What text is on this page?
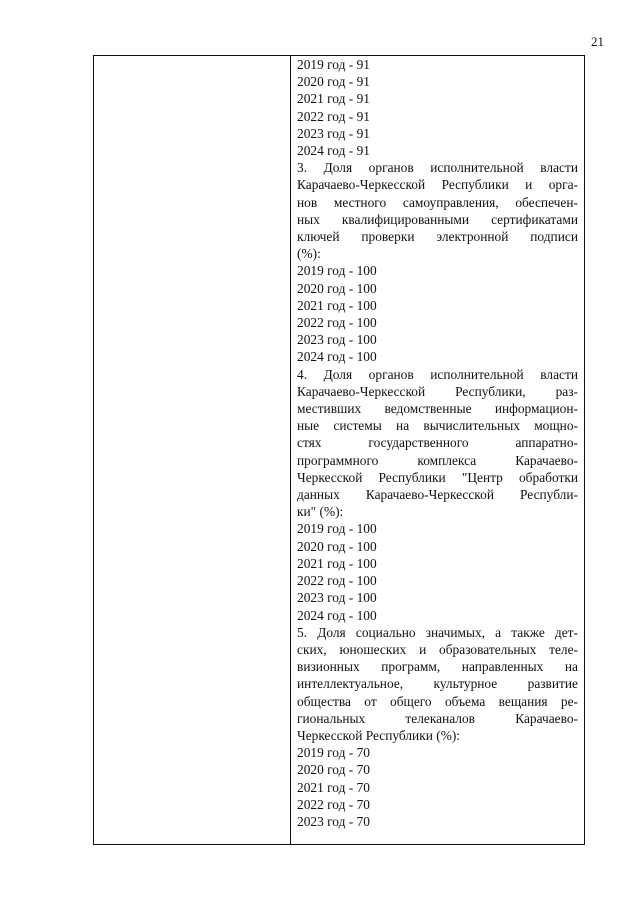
21
2019 год - 91
2020 год - 91
2021 год - 91
2022 год - 91
2023 год - 91
2024 год - 91
3. Доля органов исполнительной власти
Карачаево-Черкесской Республики и орга-
нов местного самоуправления, обеспечен-
ных квалифицированными сертификатами
ключей проверки электронной подписи
(%):
2019 год - 100
2020 год - 100
2021 год - 100
2022 год - 100
2023 год - 100
2024 год - 100
4. Доля органов исполнительной власти
Карачаево-Черкесской Республики, раз-
местивших ведомственные информацион-
ные системы на вычислительных мощно-
стях государственного аппаратно-
программного комплекса Карачаево-
Черкесской Республики "Центр обработки
данных Карачаево-Черкесской Республи-
ки" (%):
2019 год - 100
2020 год - 100
2021 год - 100
2022 год - 100
2023 год - 100
2024 год - 100
5. Доля социально значимых, а также дет-
ских, юношеских и образовательных теле-
визионных программ, направленных на
интеллектуальное, культурное развитие
общества от общего объема вещания ре-
гиональных телеканалов Карачаево-
Черкесской Республики (%):
2019 год - 70
2020 год - 70
2021 год - 70
2022 год - 70
2023 год - 70
